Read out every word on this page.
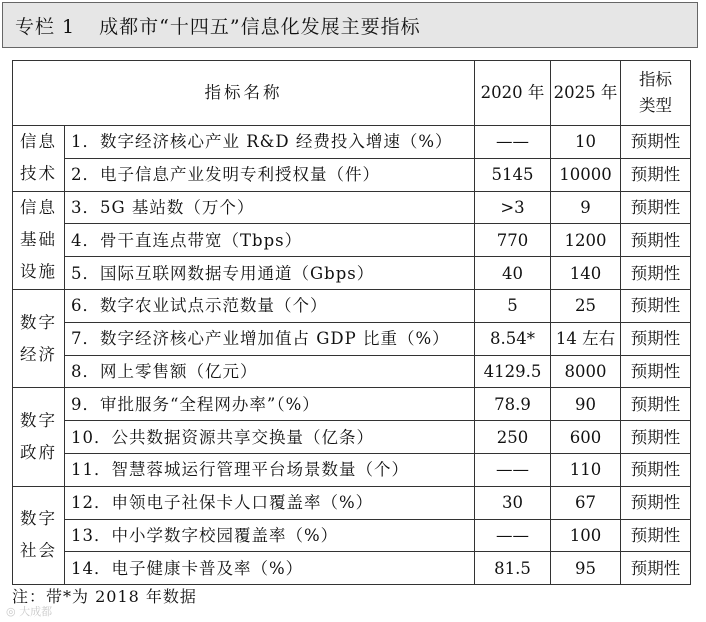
专栏 1 成都市“十四五”信息化发展主要指标
指标名称		2020 年	2025 年	指标类型
信息技术	1．数字经济核心产业 R&D 经费投入增速（%）	——	10	预期性
	2．电子信息产业发明专利授权量（件）	5145	10000	预期性
信息基础设施	3．5G 基站数（万个）	>3	9	预期性
	4．骨干直连点带宽（Tbps）	770	1200	预期性
	5．国际互联网数据专用通道（Gbps）	40	140	预期性
数字经济	6．数字农业试点示范数量（个）	5	25	预期性
	7．数字经济核心产业增加值占 GDP 比重（%）	8.54*	14 左右	预期性
	8．网上零售额（亿元）	4129.5	8000	预期性
数字政府	9．审批服务“全程网办率”（%）	78.9	90	预期性
	10．公共数据资源共享交换量（亿条）	250	600	预期性
	11．智慧蓉城运行管理平台场景数量（个）	——	110	预期性
数字社会	12．申领电子社保卡人口覆盖率（%）	30	67	预期性
	13．中小学数字校园覆盖率（%）	——	100	预期性
	14．电子健康卡普及率（%）	81.5	95	预期性
注：带*为 2018 年数据
◎ 大成都
